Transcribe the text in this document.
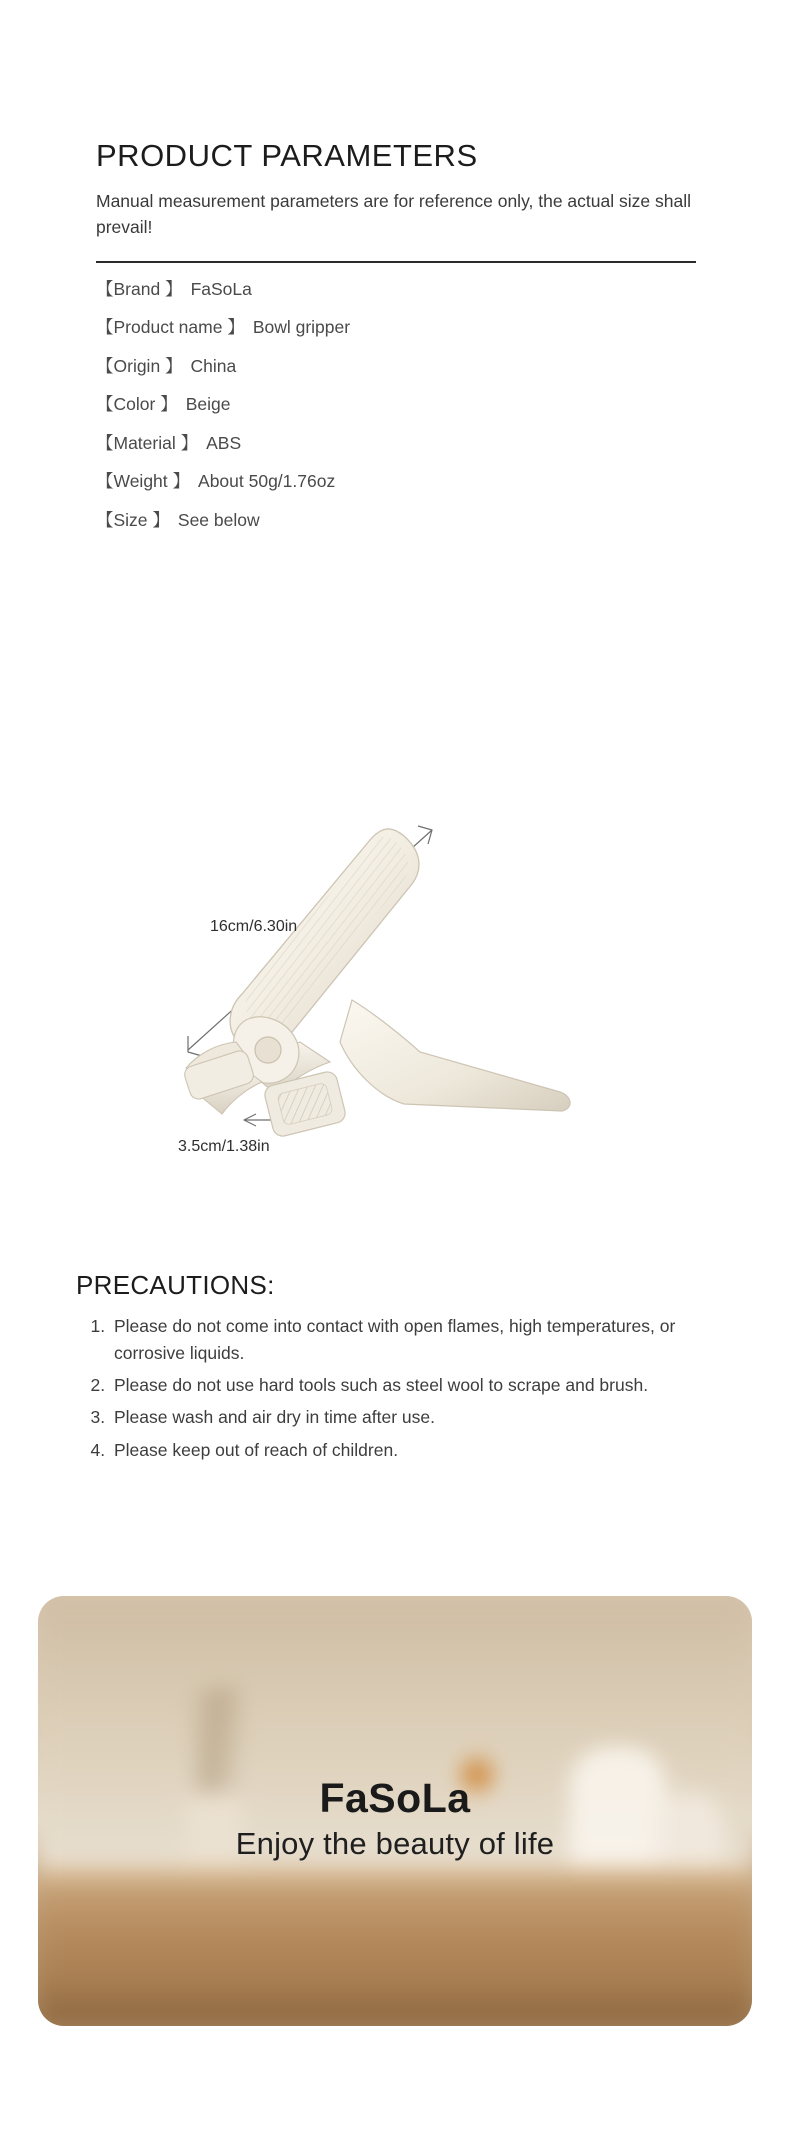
PRODUCT PARAMETERS

Manual measurement parameters are for reference only, the actual size shall prevail!

【Brand 】 FaSoLa
【Product name 】 Bowl gripper
【Origin 】 China
【Color 】 Beige
【Material 】 ABS
【Weight 】 About 50g/1.76oz
【Size 】 See below
16cm/6.30in
3.5cm/1.38in
PRECAUTIONS:
1. Please do not come into contact with open flames, high temperatures, or corrosive liquids.
2. Please do not use hard tools such as steel wool to scrape and brush.
3. Please wash and air dry in time after use.
4. Please keep out of reach of children.
FaSoLa
Enjoy the beauty of life
